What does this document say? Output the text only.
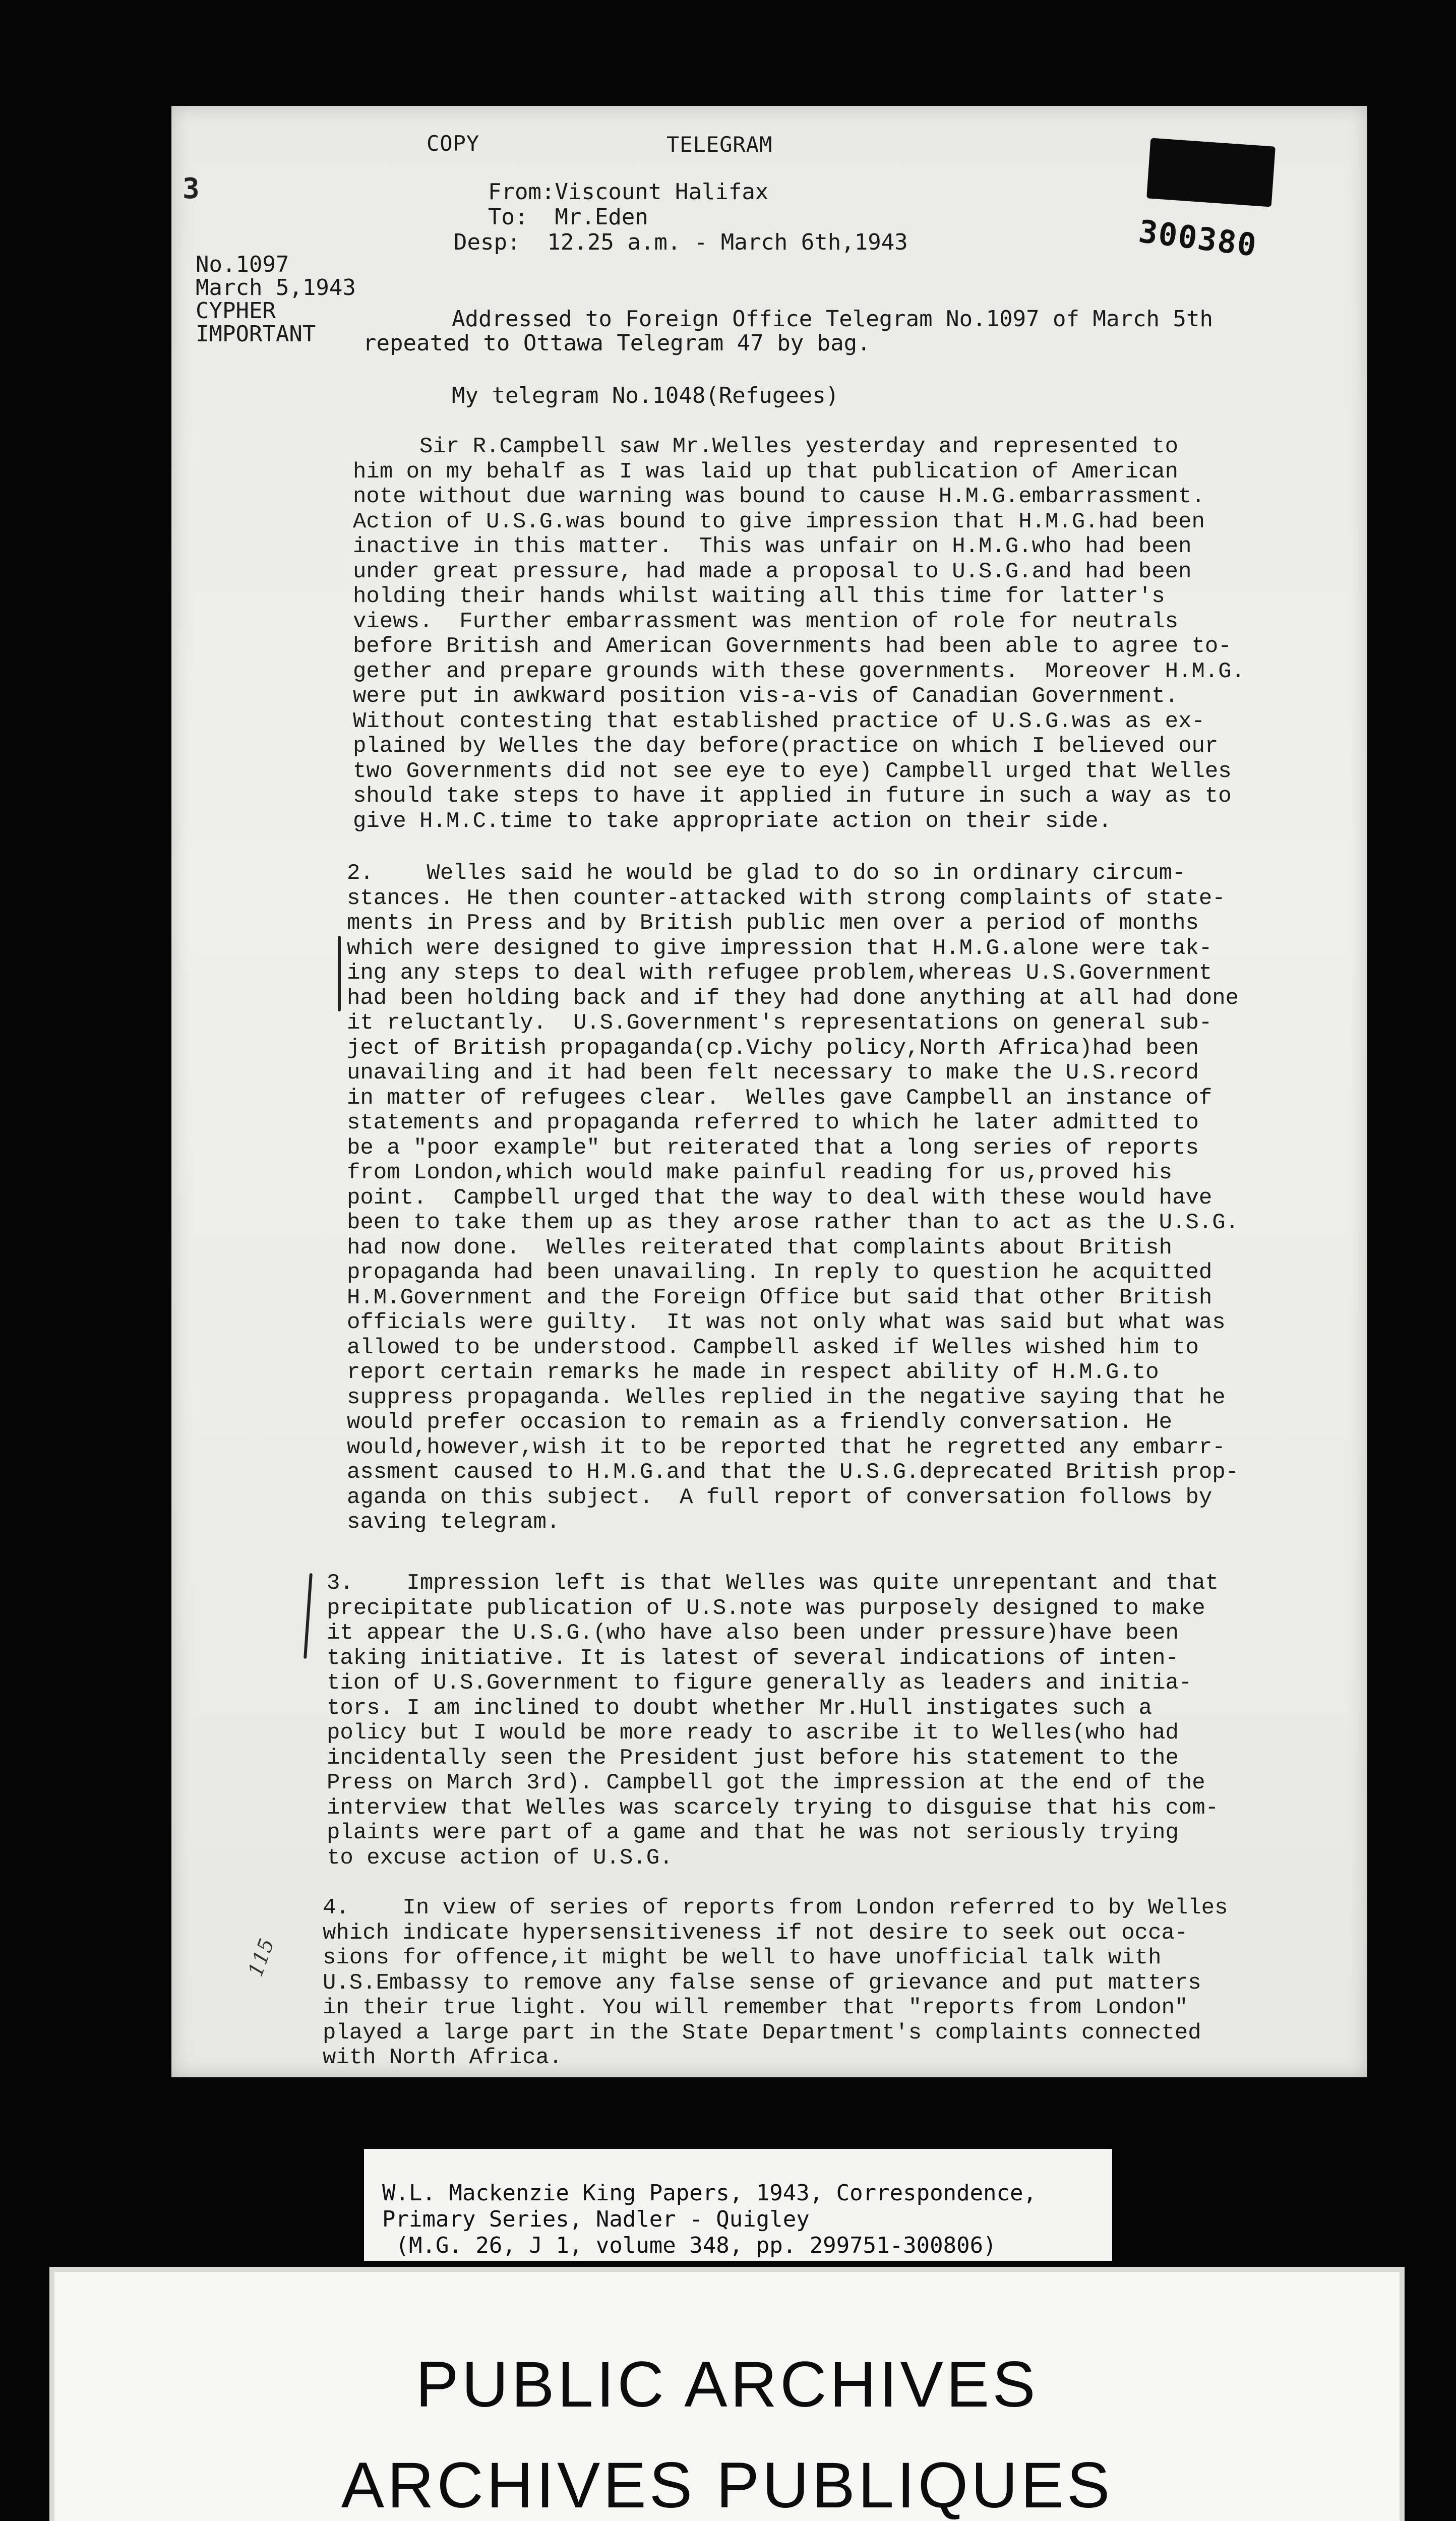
3
COPY	TELEGRAM
300380
From:Viscount Halifax
To:  Mr.Eden
Desp:  12.25 a.m. - March 6th,1943
No.1097
March 5,1943
CYPHER
IMPORTANT
Addressed to Foreign Office Telegram No.1097 of March 5th
repeated to Ottawa Telegram 47 by bag.
My telegram No.1048(Refugees)
Sir R.Campbell saw Mr.Welles yesterday and represented to
him on my behalf as I was laid up that publication of American
note without due warning was bound to cause H.M.G.embarrassment.
Action of U.S.G.was bound to give impression that H.M.G.had been
inactive in this matter.  This was unfair on H.M.G.who had been
under great pressure, had made a proposal to U.S.G.and had been
holding their hands whilst waiting all this time for latter's
views.  Further embarrassment was mention of role for neutrals
before British and American Governments had been able to agree to-
gether and prepare grounds with these governments.  Moreover H.M.G.
were put in awkward position vis-a-vis of Canadian Government.
Without contesting that established practice of U.S.G.was as ex-
plained by Welles the day before(practice on which I believed our
two Governments did not see eye to eye) Campbell urged that Welles
should take steps to have it applied in future in such a way as to
give H.M.C.time to take appropriate action on their side.
2.    Welles said he would be glad to do so in ordinary circum-
stances. He then counter-attacked with strong complaints of state-
ments in Press and by British public men over a period of months
which were designed to give impression that H.M.G.alone were tak-
ing any steps to deal with refugee problem,whereas U.S.Government
had been holding back and if they had done anything at all had done
it reluctantly.  U.S.Government's representations on general sub-
ject of British propaganda(cp.Vichy policy,North Africa)had been
unavailing and it had been felt necessary to make the U.S.record
in matter of refugees clear.  Welles gave Campbell an instance of
statements and propaganda referred to which he later admitted to
be a "poor example" but reiterated that a long series of reports
from London,which would make painful reading for us,proved his
point.  Campbell urged that the way to deal with these would have
been to take them up as they arose rather than to act as the U.S.G.
had now done.  Welles reiterated that complaints about British
propaganda had been unavailing. In reply to question he acquitted
H.M.Government and the Foreign Office but said that other British
officials were guilty.  It was not only what was said but what was
allowed to be understood. Campbell asked if Welles wished him to
report certain remarks he made in respect ability of H.M.G.to
suppress propaganda. Welles replied in the negative saying that he
would prefer occasion to remain as a friendly conversation. He
would,however,wish it to be reported that he regretted any embarr-
assment caused to H.M.G.and that the U.S.G.deprecated British prop-
aganda on this subject.  A full report of conversation follows by
saving telegram.
3.    Impression left is that Welles was quite unrepentant and that
precipitate publication of U.S.note was purposely designed to make
it appear the U.S.G.(who have also been under pressure)have been
taking initiative. It is latest of several indications of inten-
tion of U.S.Government to figure generally as leaders and initia-
tors. I am inclined to doubt whether Mr.Hull instigates such a
policy but I would be more ready to ascribe it to Welles(who had
incidentally seen the President just before his statement to the
Press on March 3rd). Campbell got the impression at the end of the
interview that Welles was scarcely trying to disguise that his com-
plaints were part of a game and that he was not seriously trying
to excuse action of U.S.G.
4.    In view of series of reports from London referred to by Welles
which indicate hypersensitiveness if not desire to seek out occa-
sions for offence,it might be well to have unofficial talk with
U.S.Embassy to remove any false sense of grievance and put matters
in their true light. You will remember that "reports from London"
played a large part in the State Department's complaints connected
with North Africa.
115
W.L. Mackenzie King Papers, 1943, Correspondence,
Primary Series, Nadler - Quigley
(M.G. 26, J 1, volume 348, pp. 299751-300806)
PUBLIC ARCHIVES
ARCHIVES PUBLIQUES
